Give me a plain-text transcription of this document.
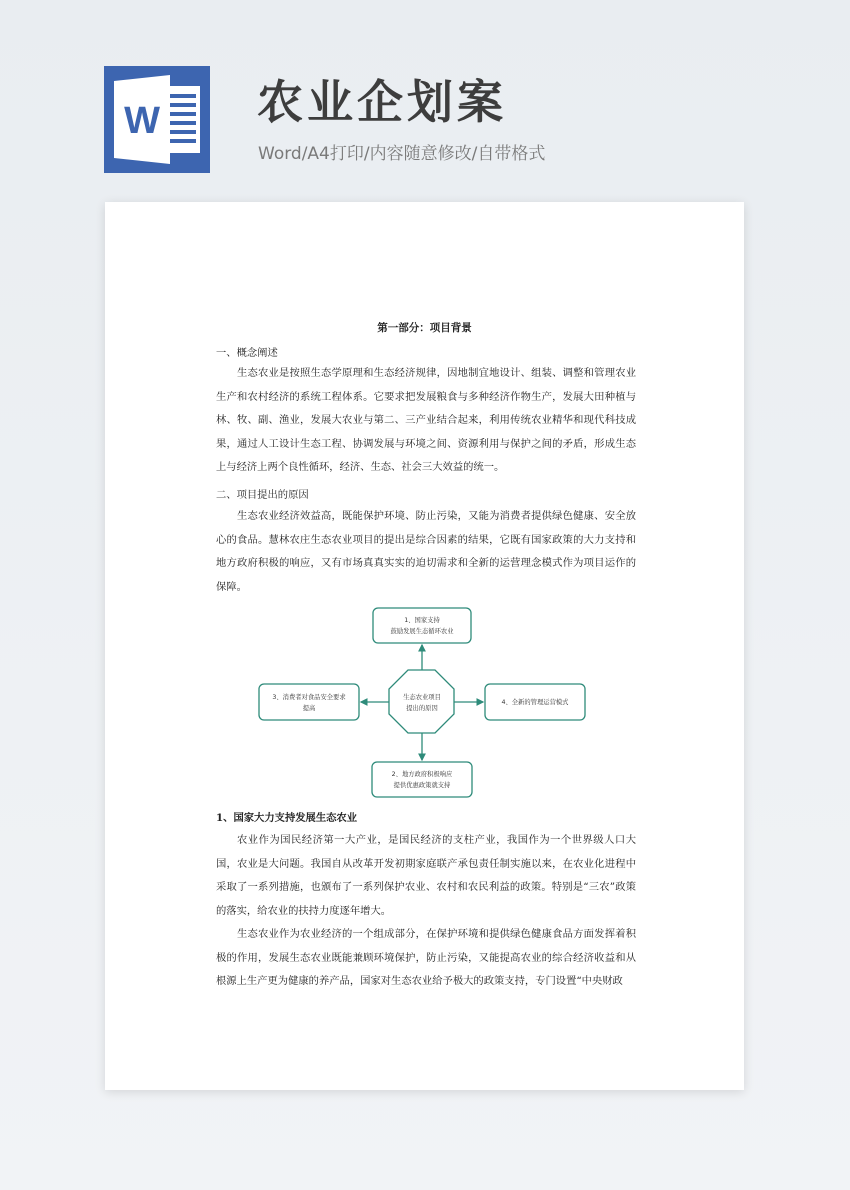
W 农业企划案
Word/A4打印/内容随意修改/自带格式
第一部分：项目背景
一、概念阐述
生态农业是按照生态学原理和生态经济规律，因地制宜地设计、组装、调整和管理农业生产和农村经济的系统工程体系。它要求把发展粮食与多种经济作物生产，发展大田种植与林、牧、副、渔业，发展大农业与第二、三产业结合起来，利用传统农业精华和现代科技成果，通过人工设计生态工程、协调发展与环境之间、资源利用与保护之间的矛盾，形成生态上与经济上两个良性循环，经济、生态、社会三大效益的统一。
二、项目提出的原因
生态农业经济效益高，既能保护环境、防止污染，又能为消费者提供绿色健康、安全放心的食品。慧林农庄生态农业项目的提出是综合因素的结果，它既有国家政策的大力支持和地方政府积极的响应，又有市场真真实实的迫切需求和全新的运营理念模式作为项目运作的保障。
1、国家支持
鼓励发展生态循环农业
3、消费者对食品安全要求
提高
4、全新的管理运营模式
生态农业项目
提出的原因
2、地方政府积极响应
提供优惠政策就支持
1、国家大力支持发展生态农业
农业作为国民经济第一大产业，是国民经济的支柱产业，我国作为一个世界级人口大国，农业是大问题。我国自从改革开发初期家庭联产承包责任制实施以来，在农业化进程中采取了一系列措施，也颁布了一系列保护农业、农村和农民利益的政策。特别是“三农”政策的落实，给农业的扶持力度逐年增大。
生态农业作为农业经济的一个组成部分，在保护环境和提供绿色健康食品方面发挥着积极的作用，发展生态农业既能兼顾环境保护，防止污染，又能提高农业的综合经济收益和从根源上生产更为健康的养产品，国家对生态农业给予极大的政策支持，专门设置“中央财政
